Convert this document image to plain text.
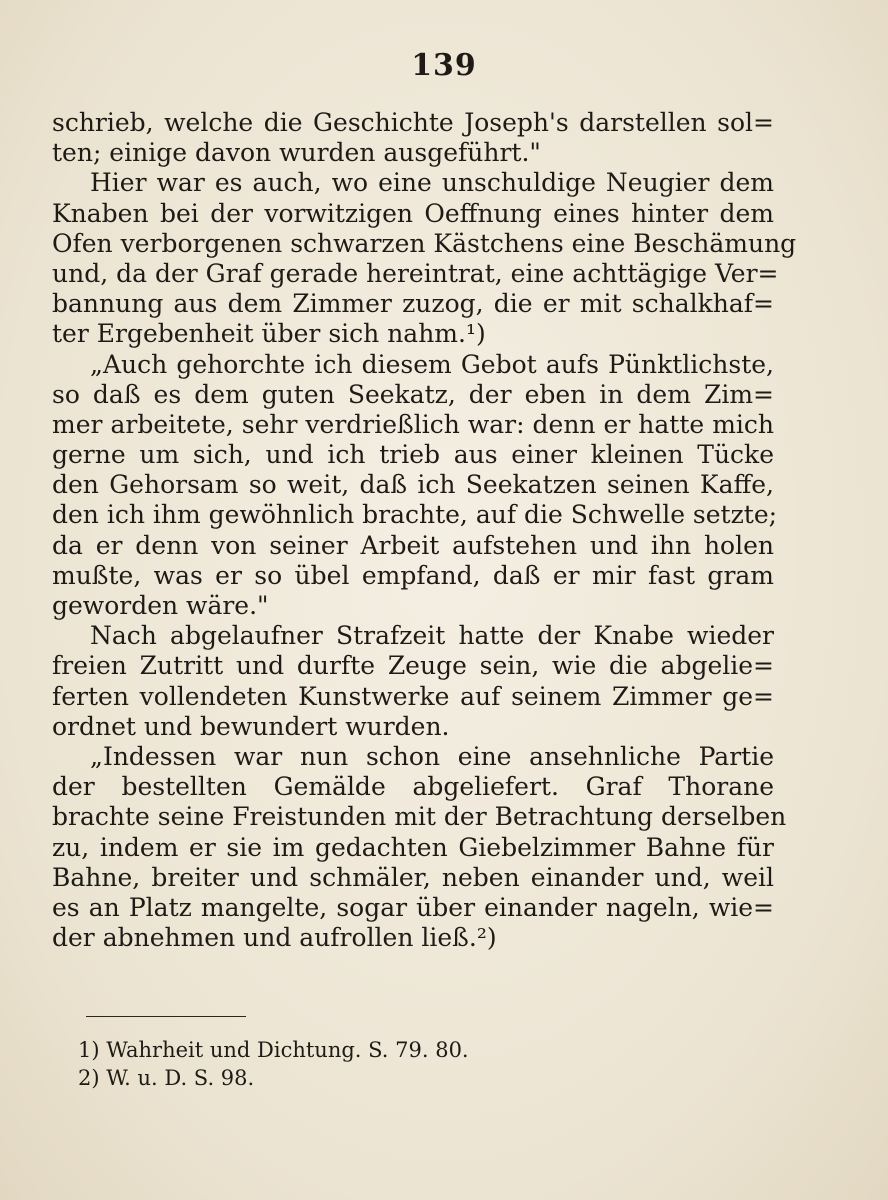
139
schrieb, welche die Geschichte Joseph's darstellen sol=
ten; einige davon wurden ausgeführt."
Hier war es auch, wo eine unschuldige Neugier dem
Knaben bei der vorwitzigen Oeffnung eines hinter dem
Ofen verborgenen schwarzen Kästchens eine Beschämung
und, da der Graf gerade hereintrat, eine achttägige Ver=
bannung aus dem Zimmer zuzog, die er mit schalkhaf=
ter Ergebenheit über sich nahm.¹)
„Auch gehorchte ich diesem Gebot aufs Pünktlichste,
so daß es dem guten Seekatz, der eben in dem Zim=
mer arbeitete, sehr verdrießlich war: denn er hatte mich
gerne um sich, und ich trieb aus einer kleinen Tücke
den Gehorsam so weit, daß ich Seekatzen seinen Kaffe,
den ich ihm gewöhnlich brachte, auf die Schwelle setzte;
da er denn von seiner Arbeit aufstehen und ihn holen
mußte, was er so übel empfand, daß er mir fast gram
geworden wäre."
Nach abgelaufner Strafzeit hatte der Knabe wieder
freien Zutritt und durfte Zeuge sein, wie die abgelie=
ferten vollendeten Kunstwerke auf seinem Zimmer ge=
ordnet und bewundert wurden.
„Indessen war nun schon eine ansehnliche Partie
der bestellten Gemälde abgeliefert. Graf Thorane
brachte seine Freistunden mit der Betrachtung derselben
zu, indem er sie im gedachten Giebelzimmer Bahne für
Bahne, breiter und schmäler, neben einander und, weil
es an Platz mangelte, sogar über einander nageln, wie=
der abnehmen und aufrollen ließ.²)
1) Wahrheit und Dichtung. S. 79. 80.
2) W. u. D. S. 98.
